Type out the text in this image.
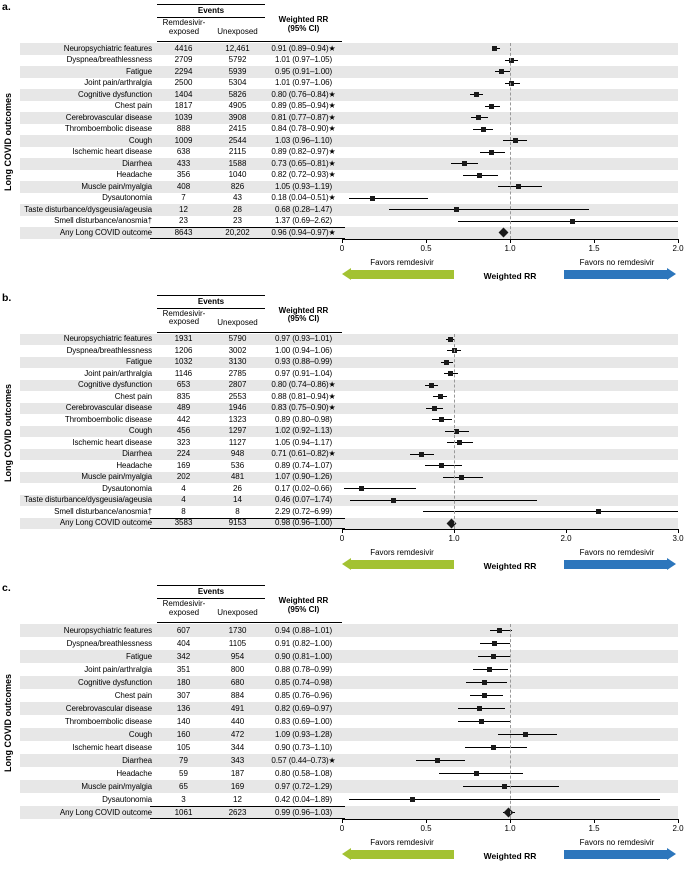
a.
Long COVID outcomes
Events
Remdesivir-
exposed	Unexposed
Weighted RR
(95% CI)
Neuropsychiatric features	4416	12,461	0.91 (0.89–0.94)★
Dyspnea/breathlessness	2709	5792	1.01 (0.97–1.05)
Fatigue	2294	5939	0.95 (0.91–1.00)
Joint pain/arthralgia	2500	5304	1.01 (0.97–1.06)
Cognitive dysfunction	1404	5826	0.80 (0.76–0.84)★
Chest pain	1817	4905	0.89 (0.85–0.94)★
Cerebrovascular disease	1039	3908	0.81 (0.77–0.87)★
Thromboembolic disease	888	2415	0.84 (0.78–0.90)★
Cough	1009	2544	1.03 (0.96–1.10)
Ischemic heart disease	638	2115	0.89 (0.82–0.97)★
Diarrhea	433	1588	0.73 (0.65–0.81)★
Headache	356	1040	0.82 (0.72–0.93)★
Muscle pain/myalgia	408	826	1.05 (0.93–1.19)
Dysautonomia	7	43	0.18 (0.04–0.51)★
Taste disturbance/dysgeusia/ageusia	12	28	0.68 (0.28–1.47)
Smell disturbance/anosmia†	23	23	1.37 (0.69–2.62)
Any Long COVID outcome	8643	20,202	0.96 (0.94–0.97)★
0	0.5	1.0	1.5	2.0
Favors remdesivir
Weighted RR
Favors no remdesivir
b.
Long COVID outcomes
Events
Remdesivir-
exposed	Unexposed
Weighted RR
(95% CI)
Neuropsychiatric features	1931	5790	0.97 (0.93–1.01)
Dyspnea/breathlessness	1206	3002	1.00 (0.94–1.06)
Fatigue	1032	3130	0.93 (0.88–0.99)
Joint pain/arthralgia	1146	2785	0.97 (0.91–1.04)
Cognitive dysfunction	653	2807	0.80 (0.74–0.86)★
Chest pain	835	2553	0.88 (0.81–0.94)★
Cerebrovascular disease	489	1946	0.83 (0.75–0.90)★
Thromboembolic disease	442	1323	0.89 (0.80–0.98)
Cough	456	1297	1.02 (0.92–1.13)
Ischemic heart disease	323	1127	1.05 (0.94–1.17)
Diarrhea	224	948	0.71 (0.61–0.82)★
Headache	169	536	0.89 (0.74–1.07)
Muscle pain/myalgia	202	481	1.07 (0.90–1.26)
Dysautonomia	4	26	0.17 (0.02–0.66)
Taste disturbance/dysgeusia/ageusia	4	14	0.46 (0.07–1.74)
Smell disturbance/anosmia†	8	8	2.29 (0.72–6.99)
Any Long COVID outcome	3583	9153	0.98 (0.96–1.00)
0	1.0	2.0	3.0
Favors remdesivir
Weighted RR
Favors no remdesivir
c.
Long COVID outcomes
Events
Remdesivir-
exposed	Unexposed
Weighted RR
(95% CI)
Neuropsychiatric features	607	1730	0.94 (0.88–1.01)
Dyspnea/breathlessness	404	1105	0.91 (0.82–1.00)
Fatigue	342	954	0.90 (0.81–1.00)
Joint pain/arthralgia	351	800	0.88 (0.78–0.99)
Cognitive dysfunction	180	680	0.85 (0.74–0.98)
Chest pain	307	884	0.85 (0.76–0.96)
Cerebrovascular disease	136	491	0.82 (0.69–0.97)
Thromboembolic disease	140	440	0.83 (0.69–1.00)
Cough	160	472	1.09 (0.93–1.28)
Ischemic heart disease	105	344	0.90 (0.73–1.10)
Diarrhea	79	343	0.57 (0.44–0.73)★
Headache	59	187	0.80 (0.58–1.08)
Muscle pain/myalgia	65	169	0.97 (0.72–1.29)
Dysautonomia	3	12	0.42 (0.04–1.89)
Any Long COVID outcome	1061	2623	0.99 (0.96–1.03)
0	0.5	1.0	1.5	2.0
Favors remdesivir
Weighted RR
Favors no remdesivir
